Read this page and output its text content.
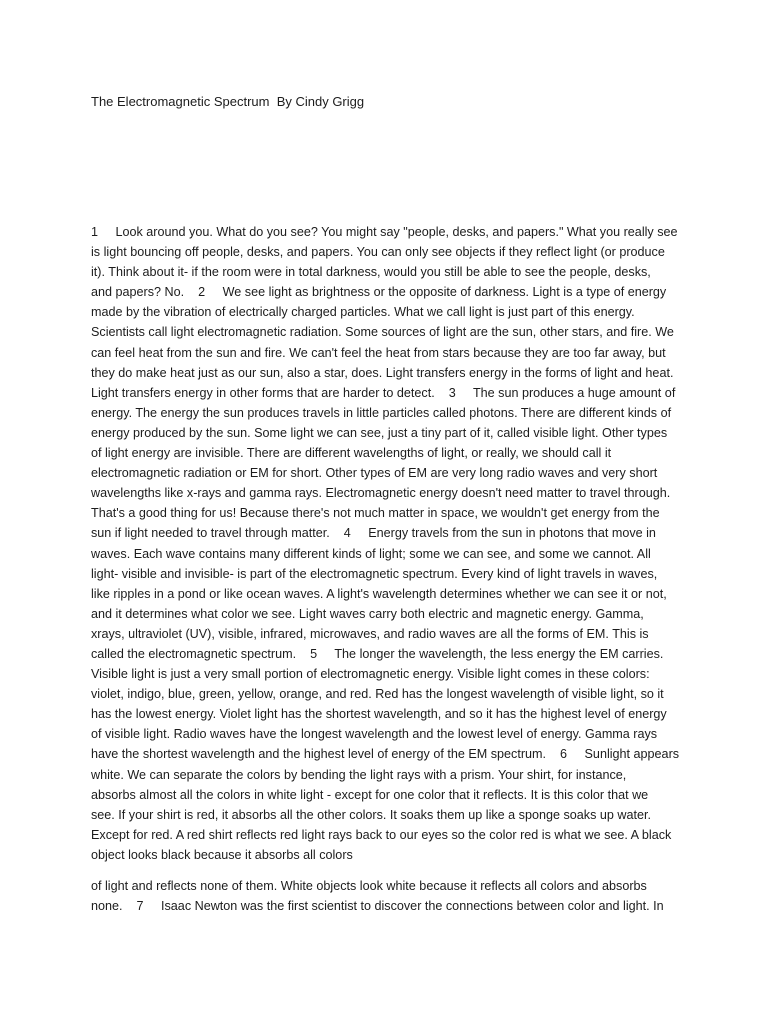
The Electromagnetic Spectrum  By Cindy Grigg
1     Look around you. What do you see? You might say "people, desks, and papers." What you really see
is light bouncing off people, desks, and papers. You can only see objects if they reflect light (or produce
it). Think about it- if the room were in total darkness, would you still be able to see the people, desks,
and papers? No.    2     We see light as brightness or the opposite of darkness. Light is a type of energy
made by the vibration of electrically charged particles. What we call light is just part of this energy.
Scientists call light electromagnetic radiation. Some sources of light are the sun, other stars, and fire. We
can feel heat from the sun and fire. We can't feel the heat from stars because they are too far away, but
they do make heat just as our sun, also a star, does. Light transfers energy in the forms of light and heat.
Light transfers energy in other forms that are harder to detect.    3     The sun produces a huge amount of
energy. The energy the sun produces travels in little particles called photons. There are different kinds of
energy produced by the sun. Some light we can see, just a tiny part of it, called visible light. Other types
of light energy are invisible. There are different wavelengths of light, or really, we should call it
electromagnetic radiation or EM for short. Other types of EM are very long radio waves and very short
wavelengths like x-rays and gamma rays. Electromagnetic energy doesn't need matter to travel through.
That's a good thing for us! Because there's not much matter in space, we wouldn't get energy from the
sun if light needed to travel through matter.    4     Energy travels from the sun in photons that move in
waves. Each wave contains many different kinds of light; some we can see, and some we cannot. All
light- visible and invisible- is part of the electromagnetic spectrum. Every kind of light travels in waves,
like ripples in a pond or like ocean waves. A light's wavelength determines whether we can see it or not,
and it determines what color we see. Light waves carry both electric and magnetic energy. Gamma,
xrays, ultraviolet (UV), visible, infrared, microwaves, and radio waves are all the forms of EM. This is
called the electromagnetic spectrum.    5     The longer the wavelength, the less energy the EM carries.
Visible light is just a very small portion of electromagnetic energy. Visible light comes in these colors:
violet, indigo, blue, green, yellow, orange, and red. Red has the longest wavelength of visible light, so it
has the lowest energy. Violet light has the shortest wavelength, and so it has the highest level of energy
of visible light. Radio waves have the longest wavelength and the lowest level of energy. Gamma rays
have the shortest wavelength and the highest level of energy of the EM spectrum.    6     Sunlight appears
white. We can separate the colors by bending the light rays with a prism. Your shirt, for instance,
absorbs almost all the colors in white light - except for one color that it reflects. It is this color that we
see. If your shirt is red, it absorbs all the other colors. It soaks them up like a sponge soaks up water.
Except for red. A red shirt reflects red light rays back to our eyes so the color red is what we see. A black
object looks black because it absorbs all colors
of light and reflects none of them. White objects look white because it reflects all colors and absorbs
none.    7     Isaac Newton was the first scientist to discover the connections between color and light. In
